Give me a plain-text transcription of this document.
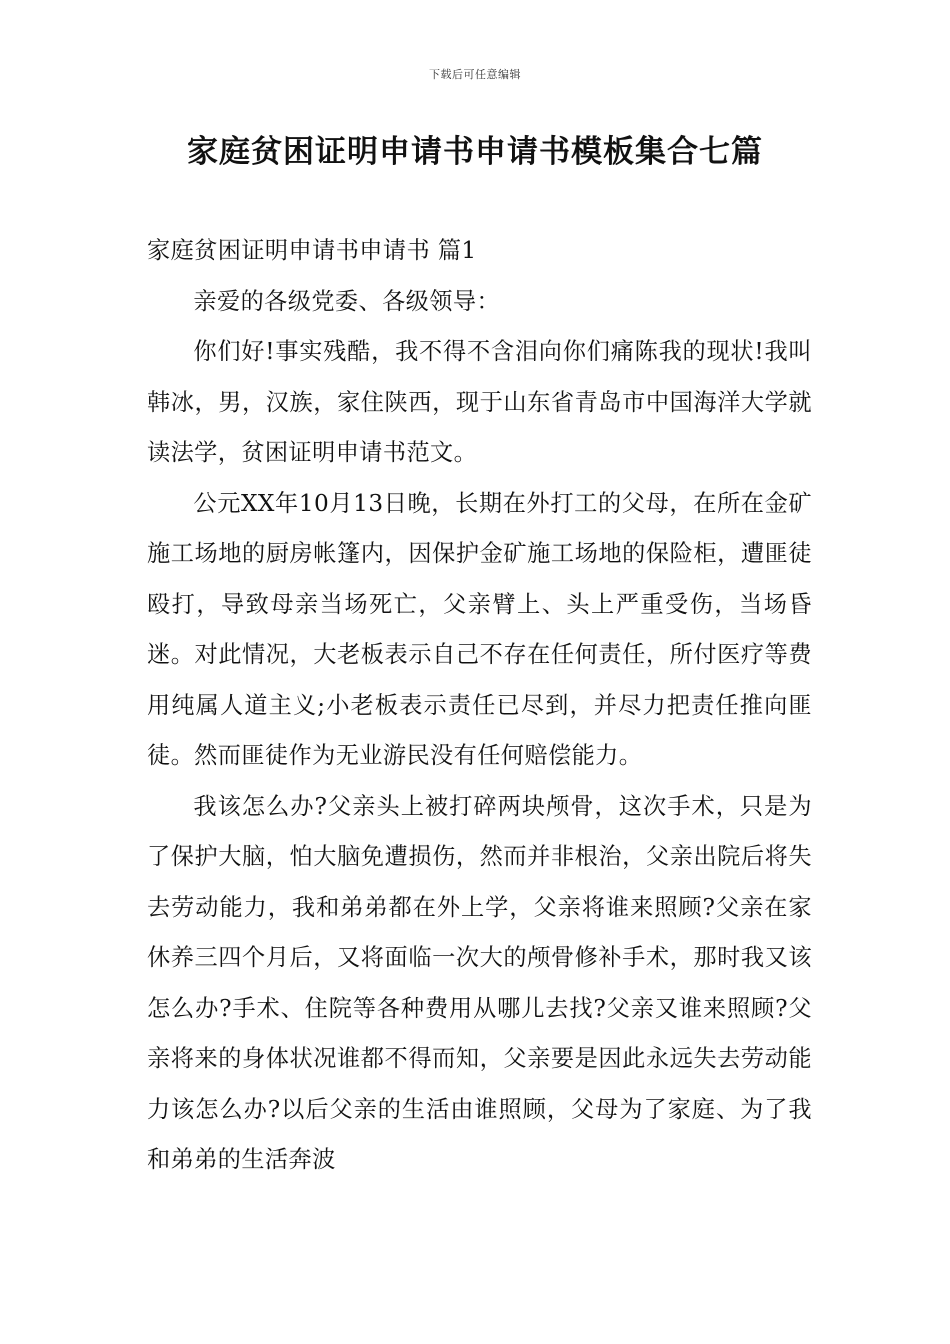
下载后可任意编辑
家庭贫困证明申请书申请书模板集合七篇

家庭贫困证明申请书申请书 篇1

亲爱的各级党委、各级领导：

你们好!事实残酷，我不得不含泪向你们痛陈我的现状!我叫韩冰，男，汉族，家住陕西，现于山东省青岛市中国海洋大学就读法学，贫困证明申请书范文。

公元XX年10月13日晚，长期在外打工的父母，在所在金矿施工场地的厨房帐篷内，因保护金矿施工场地的保险柜，遭匪徒殴打，导致母亲当场死亡，父亲臂上、头上严重受伤，当场昏迷。对此情况，大老板表示自己不存在任何责任，所付医疗等费用纯属人道主义;小老板表示责任已尽到，并尽力把责任推向匪徒。然而匪徒作为无业游民没有任何赔偿能力。

我该怎么办?父亲头上被打碎两块颅骨，这次手术，只是为了保护大脑，怕大脑免遭损伤，然而并非根治，父亲出院后将失去劳动能力，我和弟弟都在外上学，父亲将谁来照顾?父亲在家休养三四个月后，又将面临一次大的颅骨修补手术，那时我又该怎么办?手术、住院等各种费用从哪儿去找?父亲又谁来照顾?父亲将来的身体状况谁都不得而知，父亲要是因此永远失去劳动能力该怎么办?以后父亲的生活由谁照顾，父母为了家庭、为了我和弟弟的生活奔波
